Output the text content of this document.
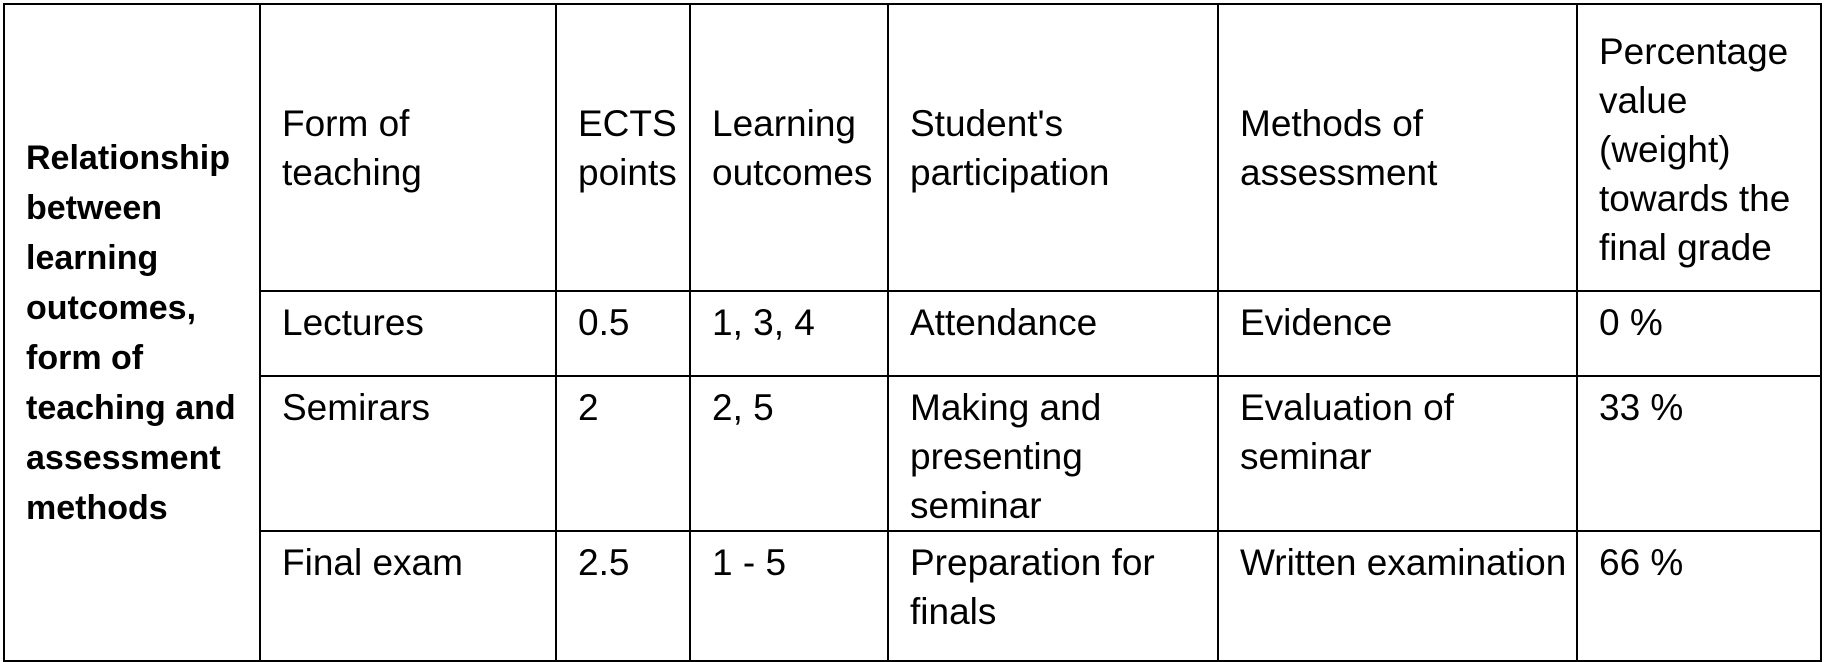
Relationship between learning outcomes, form of teaching and assessment methods	Form of teaching	ECTS points	Learning outcomes	Student's participation	Methods of assessment	Percentage value (weight) towards the final grade

	Lectures	0.5	1, 3, 4	Attendance	Evidence	0 %

	Semirars	2	2, 5	Making and presenting seminar	Evaluation of seminar	33 %

	Final exam	2.5	1 - 5	Preparation for finals	Written examination	66 %
